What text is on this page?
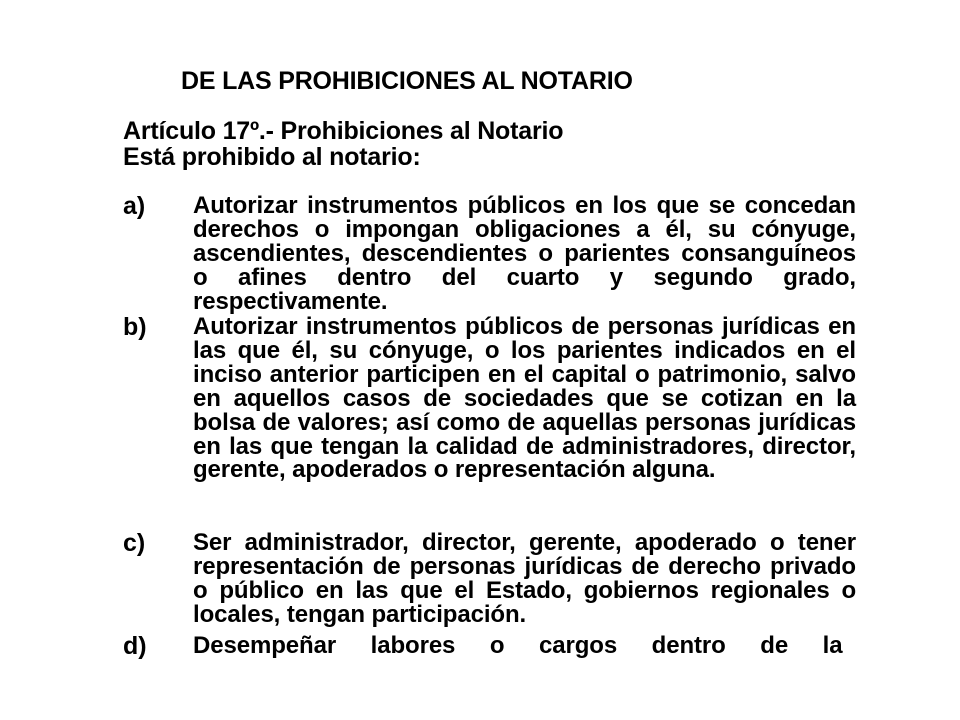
DE LAS PROHIBICIONES AL NOTARIO
Artículo 17º.- Prohibiciones al Notario
Está prohibido al notario:
a) Autorizar instrumentos públicos en los que se concedan derechos o impongan obligaciones a él, su cónyuge, ascendientes, descendientes o parientes consanguíneos o afines dentro del cuarto y segundo grado, respectivamente.
b) Autorizar instrumentos públicos de personas jurídicas en las que él, su cónyuge, o los parientes indicados en el inciso anterior participen en el capital o patrimonio, salvo en aquellos casos de sociedades que se cotizan en la bolsa de valores; así como de aquellas personas jurídicas en las que tengan la calidad de administradores, director, gerente, apoderados o representación alguna.
c) Ser administrador, director, gerente, apoderado o tener representación de personas jurídicas de derecho privado o público en las que el Estado, gobiernos regionales o locales, tengan participación.
d) Desempeñar labores o cargos dentro de la
